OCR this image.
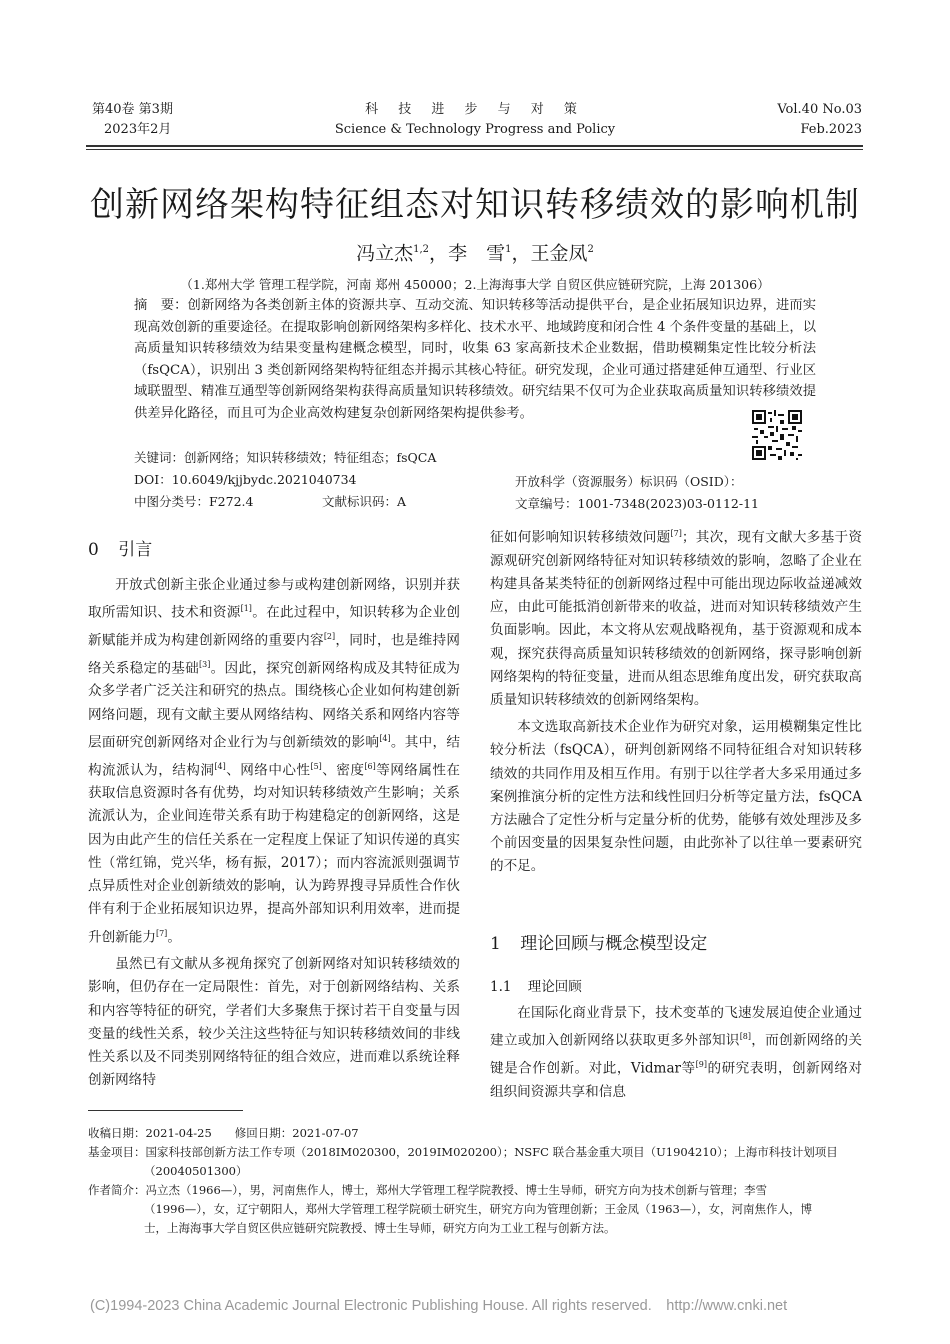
第40卷 第3期
2023年2月
科 技 进 步 与 对 策
Science & Technology Progress and Policy
Vol.40 No.03
Feb.2023
创新网络架构特征组态对知识转移绩效的影响机制
冯立杰$^{1,2}$，李　雪$^1$，王金凤$^2$
（1.郑州大学 管理工程学院，河南 郑州 450000；2.上海海事大学 自贸区供应链研究院，上海 201306）
摘　要：创新网络为各类创新主体的资源共享、互动交流、知识转移等活动提供平台，是企业拓展知识边界，进而实现高效创新的重要途径。在提取影响创新网络架构多样化、技术水平、地域跨度和闭合性 4 个条件变量的基础上，以高质量知识转移绩效为结果变量构建概念模型，同时，收集 63 家高新技术企业数据，借助模糊集定性比较分析法（fsQCA），识别出 3 类创新网络架构特征组态并揭示其核心特征。研究发现，企业可通过搭建延伸互通型、行业区域联盟型、精准互通型等创新网络架构获得高质量知识转移绩效。研究结果不仅可为企业获取高质量知识转移绩效提供差异化路径，而且可为企业高效构建复杂创新网络架构提供参考。
关键词：创新网络；知识转移绩效；特征组态；fsQCA
DOI：10.6049/kjjbydc.2021040734
中图分类号：F272.4	文献标识码：A
开放科学（资源服务）标识码（OSID）：
文章编号：1001-7348(2023)03-0112-11
0 引言

开放式创新主张企业通过参与或构建创新网络，识别并获取所需知识、技术和资源[1]。在此过程中，知识转移为企业创新赋能并成为构建创新网络的重要内容[2]，同时，也是维持网络关系稳定的基础[3]。因此，探究创新网络构成及其特征成为众多学者广泛关注和研究的热点。围绕核心企业如何构建创新网络问题，现有文献主要从网络结构、网络关系和网络内容等层面研究创新网络对企业行为与创新绩效的影响[4]。其中，结构流派认为，结构洞[4]、网络中心性[5]、密度[6]等网络属性在获取信息资源时各有优势，均对知识转移绩效产生影响；关系流派认为，企业间连带关系有助于构建稳定的创新网络，这是因为由此产生的信任关系在一定程度上保证了知识传递的真实性（常红锦，党兴华，杨有振，2017）；而内容流派则强调节点异质性对企业创新绩效的影响，认为跨界搜寻异质性合作伙伴有利于企业拓展知识边界，提高外部知识利用效率，进而提升创新能力[7]。

虽然已有文献从多视角探究了创新网络对知识转移绩效的影响，但仍存在一定局限性：首先，对于创新网络结构、关系和内容等特征的研究，学者们大多聚焦于探讨若干自变量与因变量的线性关系，较少关注这些特征与知识转移绩效间的非线性关系以及不同类别网络特征的组合效应，进而难以系统诠释创新网络特

征如何影响知识转移绩效问题[7]；其次，现有文献大多基于资源观研究创新网络特征对知识转移绩效的影响，忽略了企业在构建具备某类特征的创新网络过程中可能出现边际收益递减效应，由此可能抵消创新带来的收益，进而对知识转移绩效产生负面影响。因此，本文将从宏观战略视角，基于资源观和成本观，探究获得高质量知识转移绩效的创新网络，探寻影响创新网络架构的特征变量，进而从组态思维角度出发，研究获取高质量知识转移绩效的创新网络架构。

本文选取高新技术企业作为研究对象，运用模糊集定性比较分析法（fsQCA），研判创新网络不同特征组合对知识转移绩效的共同作用及相互作用。有别于以往学者大多采用通过多案例推演分析的定性方法和线性回归分析等定量方法，fsQCA 方法融合了定性分析与定量分析的优势，能够有效处理涉及多个前因变量的因果复杂性问题，由此弥补了以往单一要素研究的不足。

1 理论回顾与概念模型设定
1.1 理论回顾

在国际化商业背景下，技术变革的飞速发展迫使企业通过建立或加入创新网络以获取更多外部知识[8]，而创新网络的关键是合作创新。对此，Vidmar等[9]的研究表明，创新网络对组织间资源共享和信息

收稿日期：2021-04-25　　修回日期：2021-07-07
基金项目：国家科技部创新方法工作专项（2018IM020300，2019IM020200）；NSFC 联合基金重大项目（U1904210）；上海市科技计划项目
（20040501300）
作者简介：冯立杰（1966—），男，河南焦作人，博士，郑州大学管理工程学院教授、博士生导师，研究方向为技术创新与管理；李雪
（1996—），女，辽宁朝阳人，郑州大学管理工程学院硕士研究生，研究方向为管理创新；王金凤（1963—），女，河南焦作人，博
士，上海海事大学自贸区供应链研究院教授、博士生导师，研究方向为工业工程与创新方法。
(C)1994-2023 China Academic Journal Electronic Publishing House. All rights reserved.　http://www.cnki.net
